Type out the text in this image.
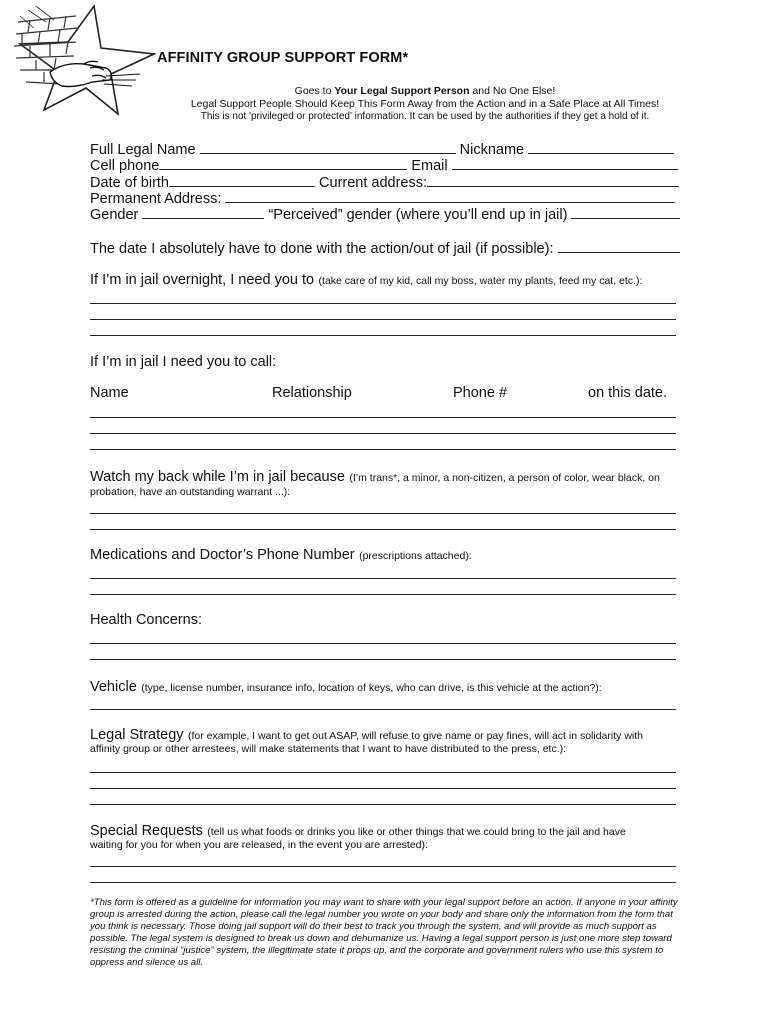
AFFINITY GROUP SUPPORT FORM*
Goes to Your Legal Support Person and No One Else!
Legal Support People Should Keep This Form Away from the Action and in a Safe Place at All Times!
This is not 'privileged or protected' information. It can be used by the authorities if they get a hold of it.
Full Legal Name	Nickname
Cell phone	Email
Date of birth	Current address:
Permanent Address:
Gender	“Perceived” gender (where you’ll end up in jail)
The date I absolutely have to done with the action/out of jail (if possible):
If I’m in jail overnight, I need you to (take care of my kid, call my boss, water my plants, feed my cat, etc.):
If I’m in jail I need you to call:
Name	Relationship	Phone #	on this date.
Watch my back while I’m in jail because (I’m trans*, a minor, a non-citizen, a person of color, wear black, on
probation, have an outstanding warrant ...):
Medications and Doctor’s Phone Number (prescriptions attached):
Health Concerns:
Vehicle (type, license number, insurance info, location of keys, who can drive, is this vehicle at the action?):
Legal Strategy (for example, I want to get out ASAP, will refuse to give name or pay fines, will act in solidarity with
affinity group or other arrestees, will make statements that I want to have distributed to the press, etc.):
Special Requests (tell us what foods or drinks you like or other things that we could bring to the jail and have
waiting for you for when you are released, in the event you are arrested):
*This form is offered as a guideline for information you may want to share with your legal support before an action. If anyone in your affinity group is arrested during the action, please call the legal number you wrote on your body and share only the information from the form that you think is necessary. Those doing jail support will do their best to track you through the system, and will provide as much support as possible. The legal system is designed to break us down and dehumanize us. Having a legal support person is just one more step toward resisting the criminal “justice” system, the illegitimate state it props up, and the corporate and government rulers who use this system to oppress and silence us all.
